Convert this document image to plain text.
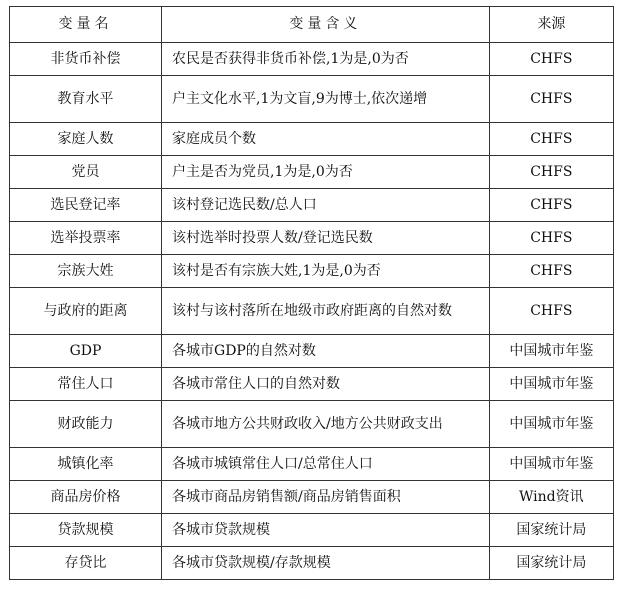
变量名	变量含义	来源
非货币补偿	农民是否获得非货币补偿,1为是,0为否	CHFS
教育水平	户主文化水平,1为文盲,9为博士,依次递增	CHFS
家庭人数	家庭成员个数	CHFS
党员	户主是否为党员,1为是,0为否	CHFS
选民登记率	该村登记选民数/总人口	CHFS
选举投票率	该村选举时投票人数/登记选民数	CHFS
宗族大姓	该村是否有宗族大姓,1为是,0为否	CHFS
与政府的距离	该村与该村落所在地级市政府距离的自然对数	CHFS
GDP	各城市GDP的自然对数	中国城市年鉴
常住人口	各城市常住人口的自然对数	中国城市年鉴
财政能力	各城市地方公共财政收入/地方公共财政支出	中国城市年鉴
城镇化率	各城市城镇常住人口/总常住人口	中国城市年鉴
商品房价格	各城市商品房销售额/商品房销售面积	Wind资讯
贷款规模	各城市贷款规模	国家统计局
存贷比	各城市贷款规模/存款规模	国家统计局
